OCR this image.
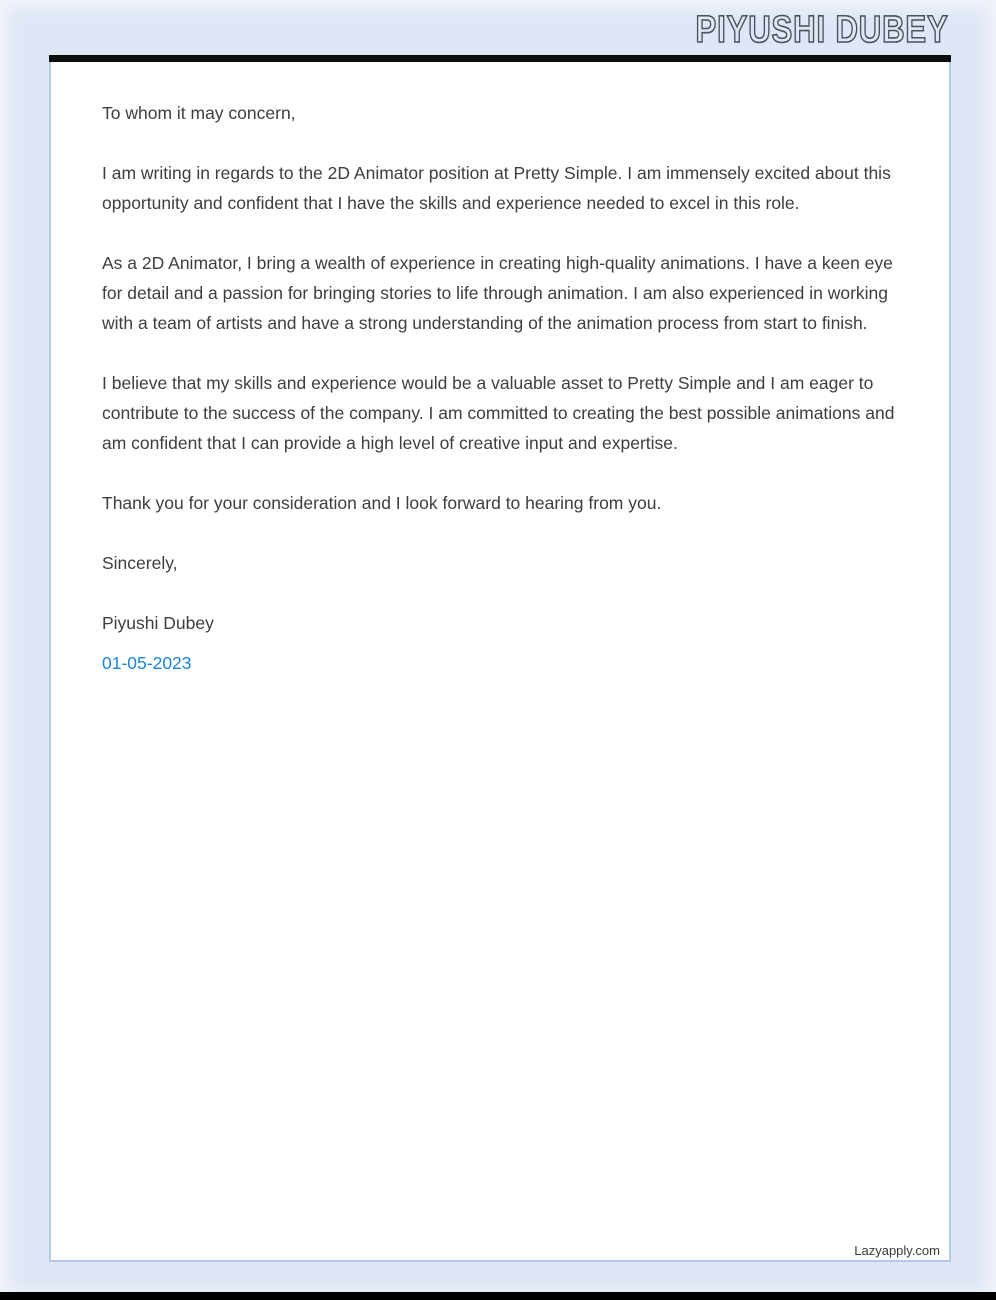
PIYUSHI DUBEY

To whom it may concern,

I am writing in regards to the 2D Animator position at Pretty Simple. I am immensely excited about this opportunity and confident that I have the skills and experience needed to excel in this role.

As a 2D Animator, I bring a wealth of experience in creating high-quality animations. I have a keen eye for detail and a passion for bringing stories to life through animation. I am also experienced in working with a team of artists and have a strong understanding of the animation process from start to finish.

I believe that my skills and experience would be a valuable asset to Pretty Simple and I am eager to contribute to the success of the company. I am committed to creating the best possible animations and am confident that I can provide a high level of creative input and expertise.

Thank you for your consideration and I look forward to hearing from you.

Sincerely,

Piyushi Dubey

01-05-2023

Lazyapply.com
